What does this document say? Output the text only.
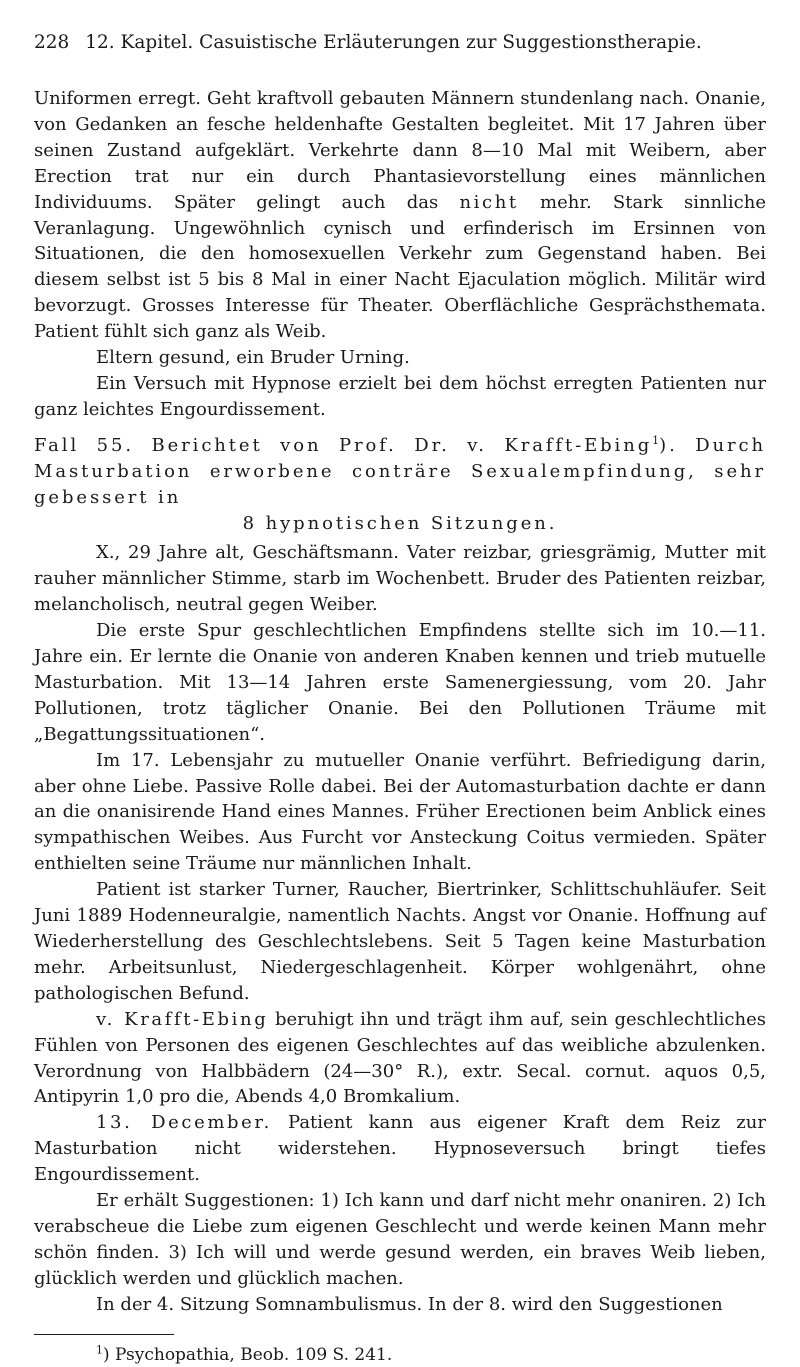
228 12. Kapitel. Casuistische Erläuterungen zur Suggestionstherapie.

Uniformen erregt. Geht kraftvoll gebauten Männern stundenlang nach. Onanie, von Gedanken an fesche heldenhafte Gestalten begleitet. Mit 17 Jahren über seinen Zustand aufgeklärt. Verkehrte dann 8—10 Mal mit Weibern, aber Erection trat nur ein durch Phantasievorstellung eines männlichen Individuums. Später gelingt auch das nicht mehr. Stark sinnliche Veranlagung. Ungewöhnlich cynisch und erfinderisch im Ersinnen von Situationen, die den homosexuellen Verkehr zum Gegenstand haben. Bei diesem selbst ist 5 bis 8 Mal in einer Nacht Ejaculation möglich. Militär wird bevorzugt. Grosses Interesse für Theater. Oberflächliche Gesprächsthemata. Patient fühlt sich ganz als Weib.

Eltern gesund, ein Bruder Urning.

Ein Versuch mit Hypnose erzielt bei dem höchst erregten Patienten nur ganz leichtes Engourdissement.

Fall 55. Berichtet von Prof. Dr. v. Krafft-Ebing$^1$). Durch Masturbation erworbene conträre Sexualempfindung, sehr gebessert in
8 hypnotischen Sitzungen.

X., 29 Jahre alt, Geschäftsmann. Vater reizbar, griesgrämig, Mutter mit rauher männlicher Stimme, starb im Wochenbett. Bruder des Patienten reizbar, melancholisch, neutral gegen Weiber.

Die erste Spur geschlechtlichen Empfindens stellte sich im 10.—11. Jahre ein. Er lernte die Onanie von anderen Knaben kennen und trieb mutuelle Masturbation. Mit 13—14 Jahren erste Samenergiessung, vom 20. Jahr Pollutionen, trotz täglicher Onanie. Bei den Pollutionen Träume mit „Begattungssituationen“.

Im 17. Lebensjahr zu mutueller Onanie verführt. Befriedigung darin, aber ohne Liebe. Passive Rolle dabei. Bei der Automasturbation dachte er dann an die onanisirende Hand eines Mannes. Früher Erectionen beim Anblick eines sympathischen Weibes. Aus Furcht vor Ansteckung Coitus vermieden. Später enthielten seine Träume nur männlichen Inhalt.

Patient ist starker Turner, Raucher, Biertrinker, Schlittschuhläufer. Seit Juni 1889 Hodenneuralgie, namentlich Nachts. Angst vor Onanie. Hoffnung auf Wiederherstellung des Geschlechtslebens. Seit 5 Tagen keine Masturbation mehr. Arbeitsunlust, Niedergeschlagenheit. Körper wohlgenährt, ohne pathologischen Befund.

v. Krafft-Ebing beruhigt ihn und trägt ihm auf, sein geschlechtliches Fühlen von Personen des eigenen Geschlechtes auf das weibliche abzulenken. Verordnung von Halbbädern (24—30° R.), extr. Secal. cornut. aquos 0,5, Antipyrin 1,0 pro die, Abends 4,0 Bromkalium.

13. December. Patient kann aus eigener Kraft dem Reiz zur Masturbation nicht widerstehen. Hypnoseversuch bringt tiefes Engourdissement.

Er erhält Suggestionen: 1) Ich kann und darf nicht mehr onaniren. 2) Ich verabscheue die Liebe zum eigenen Geschlecht und werde keinen Mann mehr schön finden. 3) Ich will und werde gesund werden, ein braves Weib lieben, glücklich werden und glücklich machen.

In der 4. Sitzung Somnambulismus. In der 8. wird den Suggestionen

$^1$) Psychopathia, Beob. 109 S. 241.
